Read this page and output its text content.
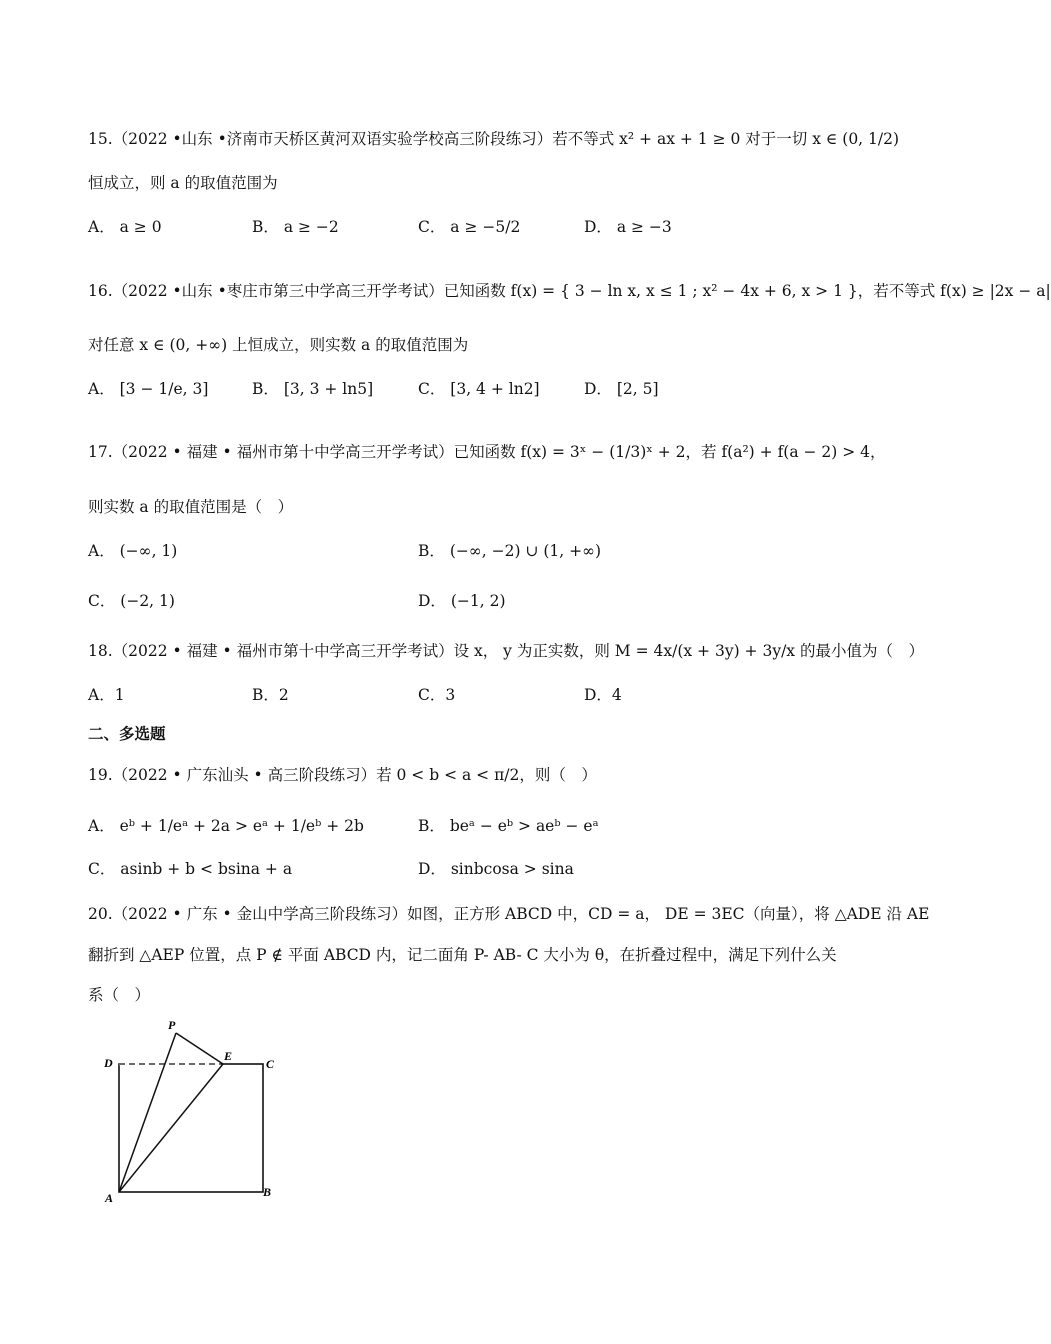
15.（2022 •山东 •济南市天桥区黄河双语实验学校高三阶段练习）若不等式 x² + ax + 1 ≥ 0 对于一切 x ∈ (0, 1/2)
恒成立，则 a 的取值范围为
A． a ≥ 0	B． a ≥ −2	C． a ≥ −5/2	D． a ≥ −3
16.（2022 •山东 •枣庄市第三中学高三开学考试）已知函数 f(x) = { 3 − ln x, x ≤ 1 ; x² − 4x + 6, x > 1 }，若不等式 f(x) ≥ |2x − a|
对任意 x ∈ (0, +∞) 上恒成立，则实数 a 的取值范围为
A． [3 − 1/e, 3]	B． [3, 3 + ln5]	C． [3, 4 + ln2]	D． [2, 5]
17.（2022 • 福建 • 福州市第十中学高三开学考试）已知函数 f(x) = 3ˣ − (1/3)ˣ + 2，若 f(a²) + f(a − 2) > 4，
则实数 a 的取值范围是（　）
A． (−∞, 1)	B． (−∞, −2) ∪ (1, +∞)
C． (−2, 1)	D． (−1, 2)
18.（2022 • 福建 • 福州市第十中学高三开学考试）设 x， y 为正实数，则 M = 4x/(x + 3y) + 3y/x 的最小值为（　）
A．1	B．2	C．3	D．4
二、多选题
19.（2022 • 广东汕头 • 高三阶段练习）若 0 < b < a < π/2，则（　）
A． eᵇ + 1/eᵃ + 2a > eᵃ + 1/eᵇ + 2b	B． beᵃ − eᵇ > aeᵇ − eᵃ
C． asinb + b < bsina + a	D． sinbcosa > sina
20.（2022 • 广东 • 金山中学高三阶段练习）如图，正方形 ABCD 中，CD = a， DE = 3EC（向量），将 △ADE 沿 AE
翻折到 △AEP 位置，点 P ∉ 平面 ABCD 内，记二面角 P- AB- C 大小为 θ，在折叠过程中，满足下列什么关
系（　）
P
D	E
C
A	B
